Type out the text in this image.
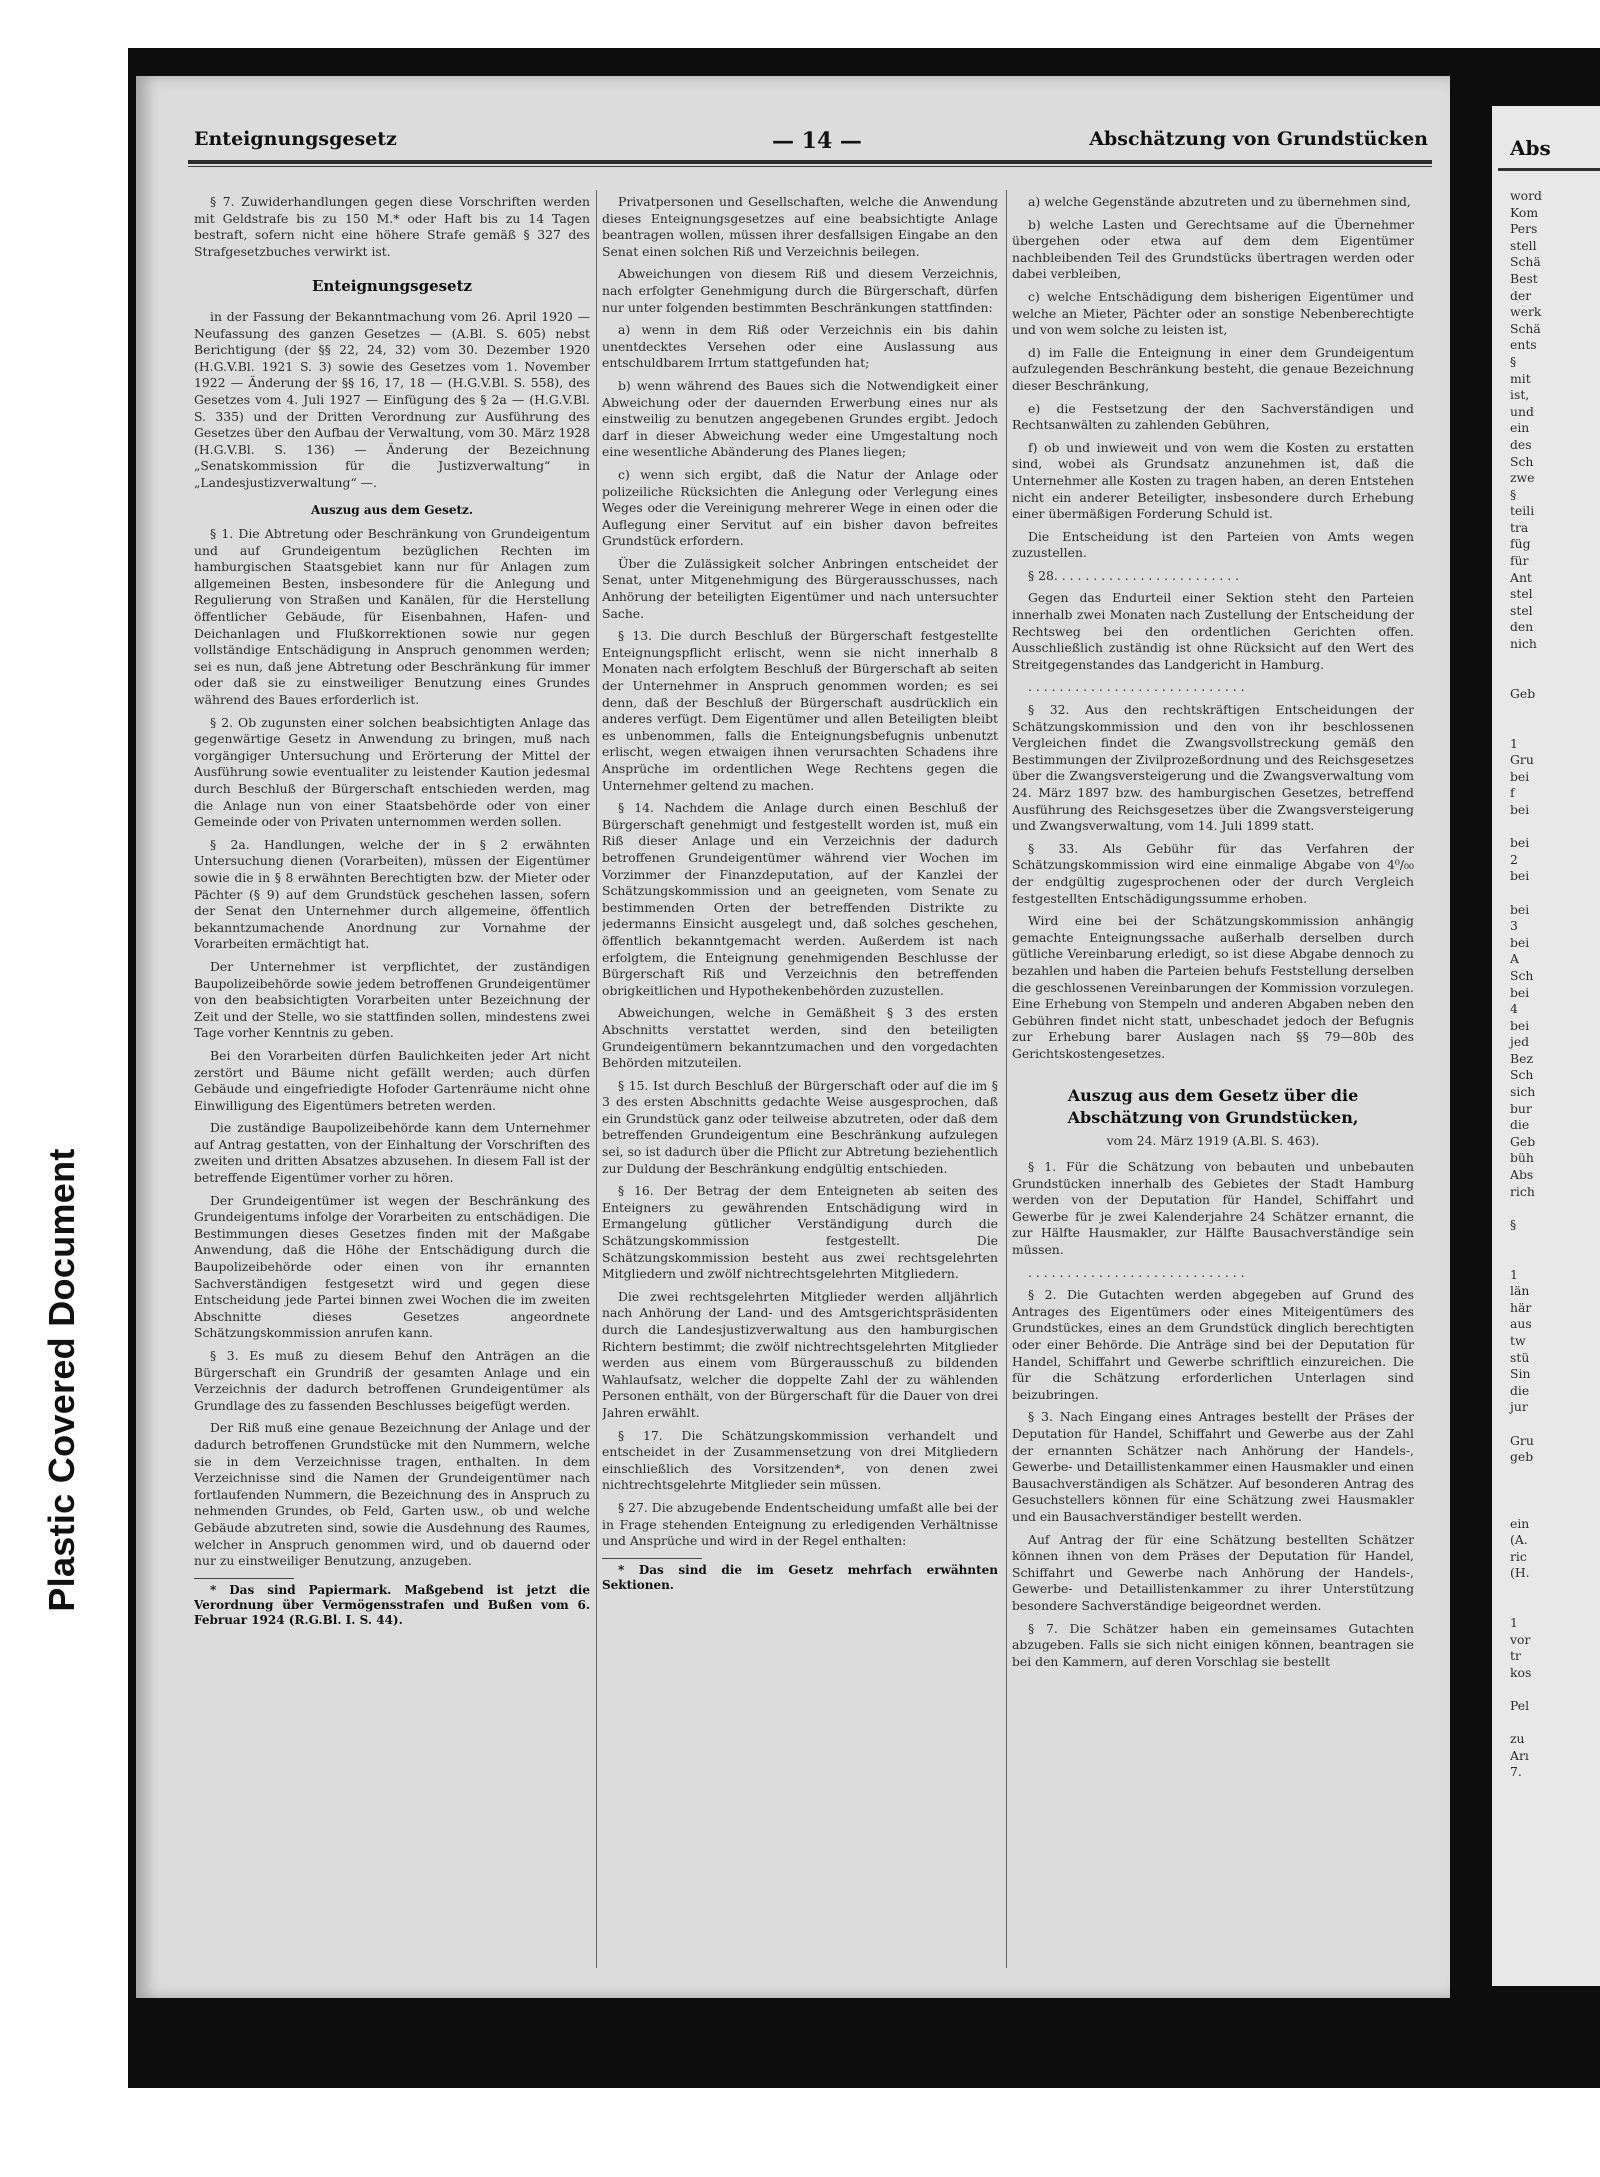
Plastic Covered Document
Enteignungsgesetz	— 14 —	Abschätzung von Grundstücken

§ 7. Zuwiderhandlungen gegen diese Vorschriften werden mit Geldstrafe bis zu 150 M.* oder Haft bis zu 14 Tagen bestraft, sofern nicht eine höhere Strafe gemäß § 327 des Strafgesetzbuches verwirkt ist.

Enteignungsgesetz

in der Fassung der Bekanntmachung vom 26. April 1920 — Neufassung des ganzen Gesetzes — (A.Bl. S. 605) nebst Berichtigung (der §§ 22, 24, 32) vom 30. Dezember 1920 (H.G.V.Bl. 1921 S. 3) sowie des Gesetzes vom 1. November 1922 — Änderung der §§ 16, 17, 18 — (H.G.V.Bl. S. 558), des Gesetzes vom 4. Juli 1927 — Einfügung des § 2a — (H.G.V.Bl. S. 335) und der Dritten Verordnung zur Ausführung des Gesetzes über den Aufbau der Verwaltung, vom 30. März 1928 (H.G.V.Bl. S. 136) — Änderung der Bezeichnung „Senatskommission für die Justizverwaltung“ in „Landesjustizverwaltung“ —.

Auszug aus dem Gesetz.

§ 1. Die Abtretung oder Beschränkung von Grundeigentum und auf Grundeigentum bezüglichen Rechten im hamburgischen Staatsgebiet kann nur für Anlagen zum allgemeinen Besten, insbesondere für die Anlegung und Regulierung von Straßen und Kanälen, für die Herstellung öffentlicher Gebäude, für Eisenbahnen, Hafen- und Deichanlagen und Flußkorrektionen sowie nur gegen vollständige Entschädigung in Anspruch genommen werden; sei es nun, daß jene Abtretung oder Beschränkung für immer oder daß sie zu einstweiliger Benutzung eines Grundes während des Baues erforderlich ist.

§ 2. Ob zugunsten einer solchen beabsichtigten Anlage das gegenwärtige Gesetz in Anwendung zu bringen, muß nach vorgängiger Untersuchung und Erörterung der Mittel der Ausführung sowie eventualiter zu leistender Kaution jedesmal durch Beschluß der Bürgerschaft entschieden werden, mag die Anlage nun von einer Staatsbehörde oder von einer Gemeinde oder von Privaten unternommen werden sollen.

§ 2a. Handlungen, welche der in § 2 erwähnten Untersuchung dienen (Vorarbeiten), müssen der Eigentümer sowie die in § 8 erwähnten Berechtigten bzw. der Mieter oder Pächter (§ 9) auf dem Grundstück geschehen lassen, sofern der Senat den Unternehmer durch allgemeine, öffentlich bekanntzumachende Anordnung zur Vornahme der Vorarbeiten ermächtigt hat.

Der Unternehmer ist verpflichtet, der zuständigen Baupolizeibehörde sowie jedem betroffenen Grundeigentümer von den beabsichtigten Vorarbeiten unter Bezeichnung der Zeit und der Stelle, wo sie stattfinden sollen, mindestens zwei Tage vorher Kenntnis zu geben.

Bei den Vorarbeiten dürfen Baulichkeiten jeder Art nicht zerstört und Bäume nicht gefällt werden; auch dürfen Gebäude und eingefriedigte Hofoder Gartenräume nicht ohne Einwilligung des Eigentümers betreten werden.

Die zuständige Baupolizeibehörde kann dem Unternehmer auf Antrag gestatten, von der Einhaltung der Vorschriften des zweiten und dritten Absatzes abzusehen. In diesem Fall ist der betreffende Eigentümer vorher zu hören.

Der Grundeigentümer ist wegen der Beschränkung des Grundeigentums infolge der Vorarbeiten zu entschädigen. Die Bestimmungen dieses Gesetzes finden mit der Maßgabe Anwendung, daß die Höhe der Entschädigung durch die Baupolizeibehörde oder einen von ihr ernannten Sachverständigen festgesetzt wird und gegen diese Entscheidung jede Partei binnen zwei Wochen die im zweiten Abschnitte dieses Gesetzes angeordnete Schätzungskommission anrufen kann.

§ 3. Es muß zu diesem Behuf den Anträgen an die Bürgerschaft ein Grundriß der gesamten Anlage und ein Verzeichnis der dadurch betroffenen Grundeigentümer als Grundlage des zu fassenden Beschlusses beigefügt werden.

Der Riß muß eine genaue Bezeichnung der Anlage und der dadurch betroffenen Grundstücke mit den Nummern, welche sie in dem Verzeichnisse tragen, enthalten. In dem Verzeichnisse sind die Namen der Grundeigentümer nach fortlaufenden Nummern, die Bezeichnung des in Anspruch zu nehmenden Grundes, ob Feld, Garten usw., ob und welche Gebäude abzutreten sind, sowie die Ausdehnung des Raumes, welcher in Anspruch genommen wird, und ob dauernd oder nur zu einstweiliger Benutzung, anzugeben.

* Das sind Papiermark. Maßgebend ist jetzt die Verordnung über Vermögensstrafen und Bußen vom 6. Februar 1924 (R.G.Bl. I. S. 44).

Privatpersonen und Gesellschaften, welche die Anwendung dieses Enteignungsgesetzes auf eine beabsichtigte Anlage beantragen wollen, müssen ihrer desfallsigen Eingabe an den Senat einen solchen Riß und Verzeichnis beilegen.

Abweichungen von diesem Riß und diesem Verzeichnis, nach erfolgter Genehmigung durch die Bürgerschaft, dürfen nur unter folgenden bestimmten Beschränkungen stattfinden:

a) wenn in dem Riß oder Verzeichnis ein bis dahin unentdecktes Versehen oder eine Auslassung aus entschuldbarem Irrtum stattgefunden hat;

b) wenn während des Baues sich die Notwendigkeit einer Abweichung oder der dauernden Erwerbung eines nur als einstweilig zu benutzen angegebenen Grundes ergibt. Jedoch darf in dieser Abweichung weder eine Umgestaltung noch eine wesentliche Abänderung des Planes liegen;

c) wenn sich ergibt, daß die Natur der Anlage oder polizeiliche Rücksichten die Anlegung oder Verlegung eines Weges oder die Vereinigung mehrerer Wege in einen oder die Auflegung einer Servitut auf ein bisher davon befreites Grundstück erfordern.

Über die Zulässigkeit solcher Anbringen entscheidet der Senat, unter Mitgenehmigung des Bürgerausschusses, nach Anhörung der beteiligten Eigentümer und nach untersuchter Sache.

§ 13. Die durch Beschluß der Bürgerschaft festgestellte Enteignungspflicht erlischt, wenn sie nicht innerhalb 8 Monaten nach erfolgtem Beschluß der Bürgerschaft ab seiten der Unternehmer in Anspruch genommen worden; es sei denn, daß der Beschluß der Bürgerschaft ausdrücklich ein anderes verfügt. Dem Eigentümer und allen Beteiligten bleibt es unbenommen, falls die Enteignungsbefugnis unbenutzt erlischt, wegen etwaigen ihnen verursachten Schadens ihre Ansprüche im ordentlichen Wege Rechtens gegen die Unternehmer geltend zu machen.

§ 14. Nachdem die Anlage durch einen Beschluß der Bürgerschaft genehmigt und festgestellt worden ist, muß ein Riß dieser Anlage und ein Verzeichnis der dadurch betroffenen Grundeigentümer während vier Wochen im Vorzimmer der Finanzdeputation, auf der Kanzlei der Schätzungskommission und an geeigneten, vom Senate zu bestimmenden Orten der betreffenden Distrikte zu jedermanns Einsicht ausgelegt und, daß solches geschehen, öffentlich bekanntgemacht werden. Außerdem ist nach erfolgtem, die Enteignung genehmigenden Beschlusse der Bürgerschaft Riß und Verzeichnis den betreffenden obrigkeitlichen und Hypothekenbehörden zuzustellen.

Abweichungen, welche in Gemäßheit § 3 des ersten Abschnitts verstattet werden, sind den beteiligten Grundeigentümern bekanntzumachen und den vorgedachten Behörden mitzuteilen.

§ 15. Ist durch Beschluß der Bürgerschaft oder auf die im § 3 des ersten Abschnitts gedachte Weise ausgesprochen, daß ein Grundstück ganz oder teilweise abzutreten, oder daß dem betreffenden Grundeigentum eine Beschränkung aufzulegen sei, so ist dadurch über die Pflicht zur Abtretung beziehentlich zur Duldung der Beschränkung endgültig entschieden.

§ 16. Der Betrag der dem Enteigneten ab seiten des Enteigners zu gewährenden Entschädigung wird in Ermangelung gütlicher Verständigung durch die Schätzungskommission festgestellt. Die Schätzungskommission besteht aus zwei rechtsgelehrten Mitgliedern und zwölf nichtrechtsgelehrten Mitgliedern.

Die zwei rechtsgelehrten Mitglieder werden alljährlich nach Anhörung der Land- und des Amtsgerichtspräsidenten durch die Landesjustizverwaltung aus den hamburgischen Richtern bestimmt; die zwölf nichtrechtsgelehrten Mitglieder werden aus einem vom Bürgerausschuß zu bildenden Wahlaufsatz, welcher die doppelte Zahl der zu wählenden Personen enthält, von der Bürgerschaft für die Dauer von drei Jahren erwählt.

§ 17. Die Schätzungskommission verhandelt und entscheidet in der Zusammensetzung von drei Mitgliedern einschließlich des Vorsitzenden*, von denen zwei nichtrechtsgelehrte Mitglieder sein müssen.

§ 27. Die abzugebende Endentscheidung umfaßt alle bei der in Frage stehenden Enteignung zu erledigenden Verhältnisse und Ansprüche und wird in der Regel enthalten:

* Das sind die im Gesetz mehrfach erwähnten Sektionen.

a) welche Gegenstände abzutreten und zu übernehmen sind,

b) welche Lasten und Gerechtsame auf die Übernehmer übergehen oder etwa auf dem dem Eigentümer nachbleibenden Teil des Grundstücks übertragen werden oder dabei verbleiben,

c) welche Entschädigung dem bisherigen Eigentümer und welche an Mieter, Pächter oder an sonstige Nebenberechtigte und von wem solche zu leisten ist,

d) im Falle die Enteignung in einer dem Grundeigentum aufzulegenden Beschränkung besteht, die genaue Bezeichnung dieser Beschränkung,

e) die Festsetzung der den Sachverständigen und Rechtsanwälten zu zahlenden Gebühren,

f) ob und inwieweit und von wem die Kosten zu erstatten sind, wobei als Grundsatz anzunehmen ist, daß die Unternehmer alle Kosten zu tragen haben, an deren Entstehen nicht ein anderer Beteiligter, insbesondere durch Erhebung einer übermäßigen Forderung Schuld ist.

Die Entscheidung ist den Parteien von Amts wegen zuzustellen.

§ 28. . . . . . . . . . . . . . . . . . . . . . . .

Gegen das Endurteil einer Sektion steht den Parteien innerhalb zwei Monaten nach Zustellung der Entscheidung der Rechtsweg bei den ordentlichen Gerichten offen. Ausschließlich zuständig ist ohne Rücksicht auf den Wert des Streitgegenstandes das Landgericht in Hamburg.

. . . . . . . . . . . . . . . . . . . . . . . . . . . .

§ 32. Aus den rechtskräftigen Entscheidungen der Schätzungskommission und den von ihr beschlossenen Vergleichen findet die Zwangsvollstreckung gemäß den Bestimmungen der Zivilprozeßordnung und des Reichsgesetzes über die Zwangsversteigerung und die Zwangsverwaltung vom 24. März 1897 bzw. des hamburgischen Gesetzes, betreffend Ausführung des Reichsgesetzes über die Zwangsversteigerung und Zwangsverwaltung, vom 14. Juli 1899 statt.

§ 33. Als Gebühr für das Verfahren der Schätzungskommission wird eine einmalige Abgabe von 4⁰/₀₀ der endgültig zugesprochenen oder der durch Vergleich festgestellten Entschädigungssumme erhoben.

Wird eine bei der Schätzungskommission anhängig gemachte Enteignungssache außerhalb derselben durch gütliche Vereinbarung erledigt, so ist diese Abgabe dennoch zu bezahlen und haben die Parteien behufs Feststellung derselben die geschlossenen Vereinbarungen der Kommission vorzulegen. Eine Erhebung von Stempeln und anderen Abgaben neben den Gebühren findet nicht statt, unbeschadet jedoch der Befugnis zur Erhebung barer Auslagen nach §§ 79—80b des Gerichtskostengesetzes.

Auszug aus dem Gesetz über die Abschätzung von Grundstücken,
vom 24. März 1919 (A.Bl. S. 463).

§ 1. Für die Schätzung von bebauten und unbebauten Grundstücken innerhalb des Gebietes der Stadt Hamburg werden von der Deputation für Handel, Schiffahrt und Gewerbe für je zwei Kalenderjahre 24 Schätzer ernannt, die zur Hälfte Hausmakler, zur Hälfte Bausachverständige sein müssen.

. . . . . . . . . . . . . . . . . . . . . . . . . . . .

§ 2. Die Gutachten werden abgegeben auf Grund des Antrages des Eigentümers oder eines Miteigentümers des Grundstückes, eines an dem Grundstück dinglich berechtigten oder einer Behörde. Die Anträge sind bei der Deputation für Handel, Schiffahrt und Gewerbe schriftlich einzureichen. Die für die Schätzung erforderlichen Unterlagen sind beizubringen.

§ 3. Nach Eingang eines Antrages bestellt der Präses der Deputation für Handel, Schiffahrt und Gewerbe aus der Zahl der ernannten Schätzer nach Anhörung der Handels-, Gewerbe- und Detaillistenkammer einen Hausmakler und einen Bausachverständigen als Schätzer. Auf besonderen Antrag des Gesuchstellers können für eine Schätzung zwei Hausmakler und ein Bausachverständiger bestellt werden.

Auf Antrag der für eine Schätzung bestellten Schätzer können ihnen von dem Präses der Deputation für Handel, Schiffahrt und Gewerbe nach Anhörung der Handels-, Gewerbe- und Detaillistenkammer zu ihrer Unterstützung besondere Sachverständige beigeordnet werden.

§ 7. Die Schätzer haben ein gemeinsames Gutachten abzugeben. Falls sie sich nicht einigen können, beantragen sie bei den Kammern, auf deren Vorschlag sie bestellt

Abs
word
Kom
Pers
stell
Schä
Best
der
werk
Schä
ents
§
mit
ist,
und
ein
des
Sch
zwe
§
teili
tra
füg
für
Ant
stel
stel
den
nich
Geb
1
Gru
bei
f
bei
bei
2
bei
bei
3
bei
A
Sch
bei
4
bei
jed
Bez
Sch
sich
bur
die
Geb
büh
Abs
rich
§
1
län
här
aus
tw
stü
Sin
die
jur
Gru
geb
ein
(A.
ric
(H.
1
vor
tr
kos
Pel
zu
Arı
7.
